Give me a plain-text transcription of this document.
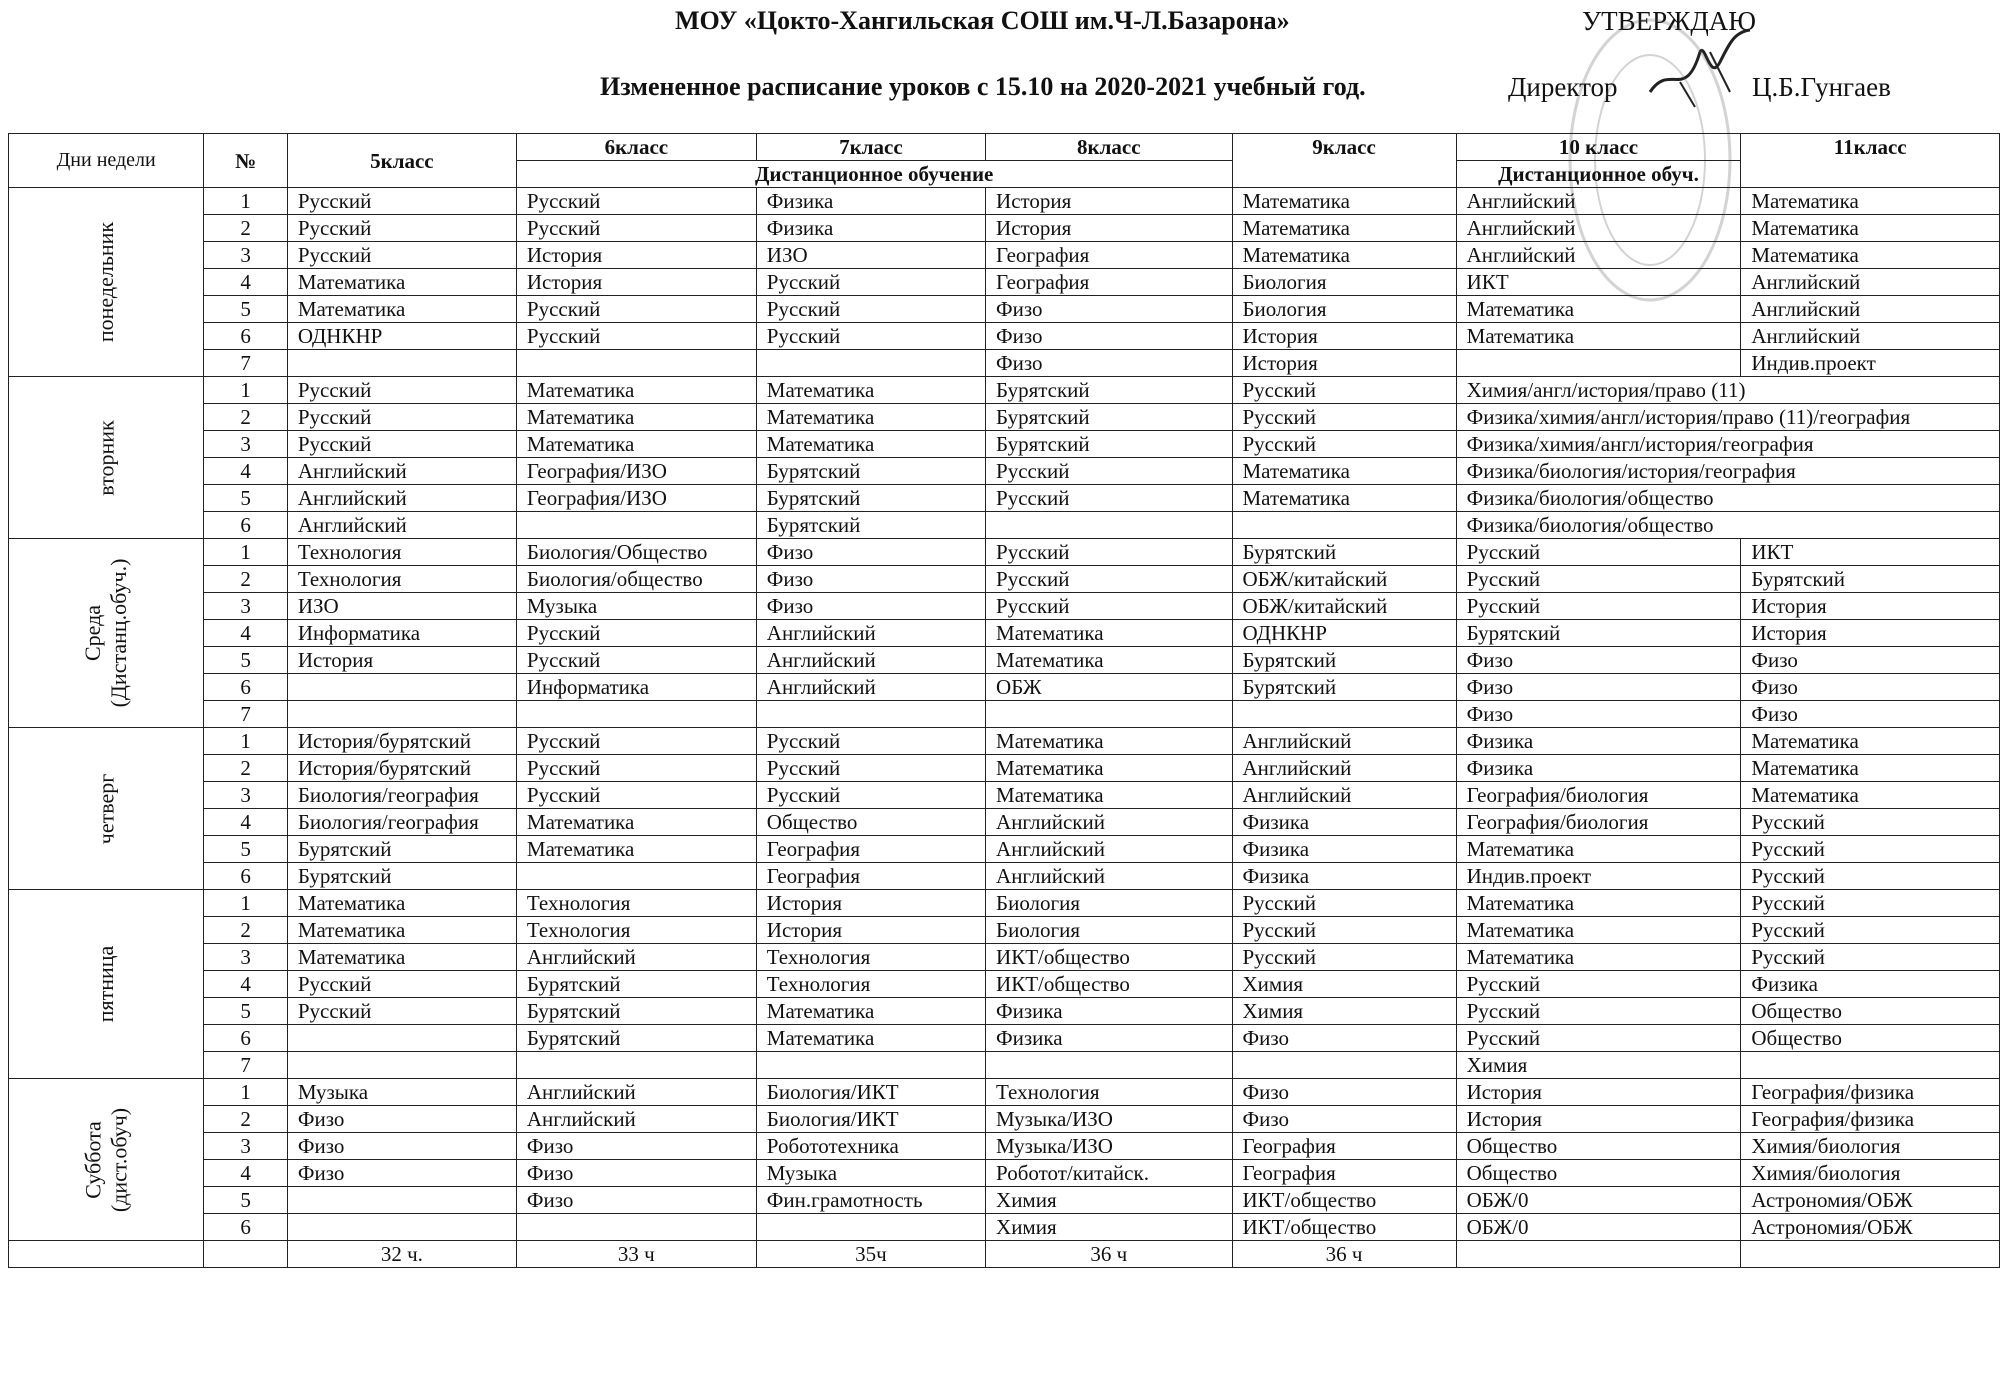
МОУ «Цокто-Хангильская СОШ им.Ч-Л.Базарона»	УТВЕРЖДАЮ
Измененное расписание уроков с 15.10 на 2020-2021 учебный год.	Директор	Ц.Б.Гунгаев
Дни недели	№	5класс	6класс	7класс	8класс	9класс	10 класс	11класс
			Дистанционное обучение				Дистанционное обуч.	
понедельник	1	Русский	Русский	Физика	История	Математика	Английский	Математика
	2	Русский	Русский	Физика	История	Математика	Английский	Математика
	3	Русский	История	ИЗО	География	Математика	Английский	Математика
	4	Математика	История	Русский	География	Биология	ИКТ	Английский
	5	Математика	Русский	Русский	Физо	Биология	Математика	Английский
	6	ОДНКНР	Русский	Русский	Физо	История	Математика	Английский
	7				Физо	История		Индив.проект
вторник	1	Русский	Математика	Математика	Бурятский	Русский	Химия/англ/история/право (11)	
	2	Русский	Математика	Математика	Бурятский	Русский	Физика/химия/англ/история/право (11)/география	
	3	Русский	Математика	Математика	Бурятский	Русский	Физика/химия/англ/история/география	
	4	Английский	География/ИЗО	Бурятский	Русский	Математика	Физика/биология/история/география	
	5	Английский	География/ИЗО	Бурятский	Русский	Математика	Физика/биология/общество	
	6	Английский		Бурятский			Физика/биология/общество	
Среда (Дистанц.обуч.)	1	Технология	Биология/Общество	Физо	Русский	Бурятский	Русский	ИКТ
	2	Технология	Биология/общество	Физо	Русский	ОБЖ/китайский	Русский	Бурятский
	3	ИЗО	Музыка	Физо	Русский	ОБЖ/китайский	Русский	История
	4	Информатика	Русский	Английский	Математика	ОДНКНР	Бурятский	История
	5	История	Русский	Английский	Математика	Бурятский	Физо	Физо
	6		Информатика	Английский	ОБЖ	Бурятский	Физо	Физо
	7						Физо	Физо
четверг	1	История/бурятский	Русский	Русский	Математика	Английский	Физика	Математика
	2	История/бурятский	Русский	Русский	Математика	Английский	Физика	Математика
	3	Биология/география	Русский	Русский	Математика	Английский	География/биология	Математика
	4	Биология/география	Математика	Общество	Английский	Физика	География/биология	Русский
	5	Бурятский	Математика	География	Английский	Физика	Математика	Русский
	6	Бурятский		География	Английский	Физика	Индив.проект	Русский
пятница	1	Математика	Технология	История	Биология	Русский	Математика	Русский
	2	Математика	Технология	История	Биология	Русский	Математика	Русский
	3	Математика	Английский	Технология	ИКТ/общество	Русский	Математика	Русский
	4	Русский	Бурятский	Технология	ИКТ/общество	Химия	Русский	Физика
	5	Русский	Бурятский	Математика	Физика	Химия	Русский	Общество
	6		Бурятский	Математика	Физика	Физо	Русский	Общество
	7						Химия	
Суббота (дист.обуч)	1	Музыка	Английский	Биология/ИКТ	Технология	Физо	История	География/физика
	2	Физо	Английский	Биология/ИКТ	Музыка/ИЗО	Физо	История	География/физика
	3	Физо	Физо	Робототехника	Музыка/ИЗО	География	Общество	Химия/биология
	4	Физо	Физо	Музыка	Роботот/китайск.	География	Общество	Химия/биология
	5		Физо	Фин.грамотность	Химия	ИКТ/общество	ОБЖ/0	Астрономия/ОБЖ
	6				Химия	ИКТ/общество	ОБЖ/0	Астрономия/ОБЖ
		32 ч.	33 ч	35ч	36 ч	36 ч		
